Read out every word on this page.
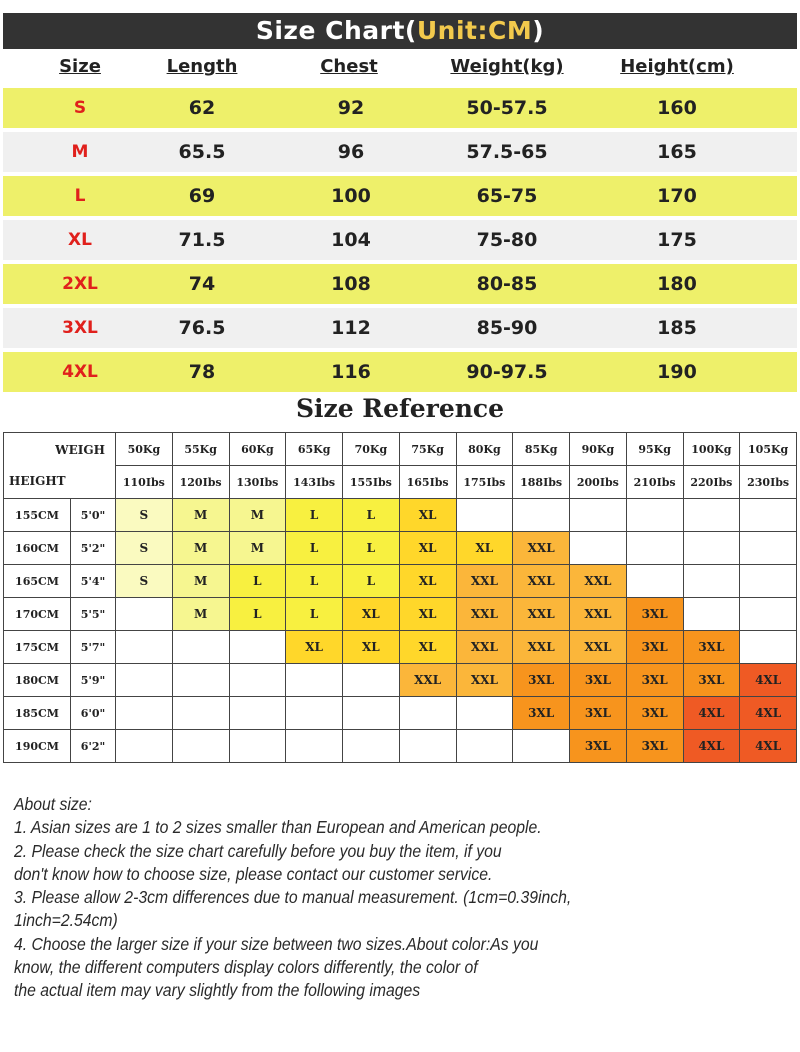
Size Chart(Unit:CM)
Size	Length	Chest	Weight(kg)	Height(cm)
S	62	92	50-57.5	160
M	65.5	96	57.5-65	165
L	69	100	65-75	170
XL	71.5	104	75-80	175
2XL	74	108	80-85	180
3XL	76.5	112	85-90	185
4XL	78	116	90-97.5	190
Size Reference
WEIGH
HEIGHT		50Kg	55Kg	60Kg	65Kg	70Kg	75Kg	80Kg	85Kg	90Kg	95Kg	100Kg	105Kg
		110Ibs	120Ibs	130Ibs	143Ibs	155Ibs	165Ibs	175Ibs	188Ibs	200Ibs	210Ibs	220Ibs	230Ibs
155CM	5'0"	S	M	M	L	L	XL						
160CM	5'2"	S	M	M	L	L	XL	XL	XXL				
165CM	5'4"	S	M	L	L	L	XL	XXL	XXL	XXL			
170CM	5'5"		M	L	L	XL	XL	XXL	XXL	XXL	3XL		
175CM	5'7"				XL	XL	XL	XXL	XXL	XXL	3XL	3XL	
180CM	5'9"						XXL	XXL	3XL	3XL	3XL	3XL	4XL
185CM	6'0"								3XL	3XL	3XL	4XL	4XL
190CM	6'2"									3XL	3XL	4XL	4XL
About size:
1. Asian sizes are 1 to 2 sizes smaller than European and American people.
2. Please check the size chart carefully before you buy the item, if you
don't know how to choose size, please contact our customer service.
3. Please allow 2-3cm differences due to manual measurement. (1cm=0.39inch,
1inch=2.54cm)
4. Choose the larger size if your size between two sizes.About color:As you
know, the different computers display colors differently, the color of
the actual item may vary slightly from the following images
